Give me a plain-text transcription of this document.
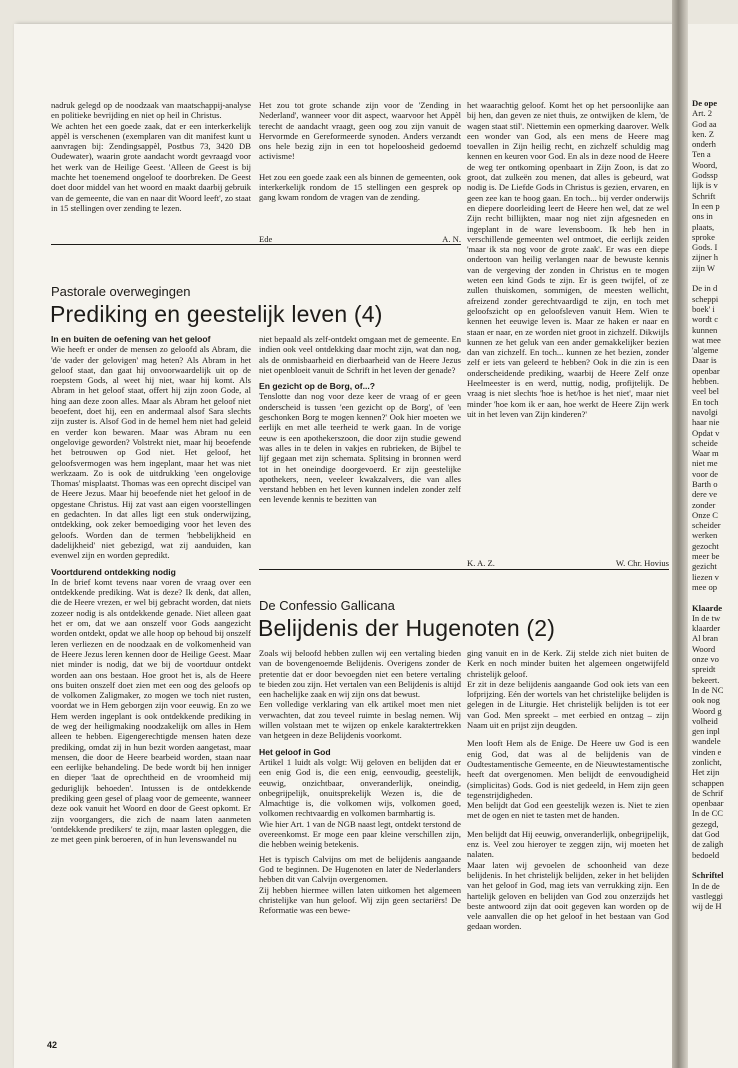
nadruk gelegd op de noodzaak van maatschappij-analyse en politieke bevrijding en niet op heil in Christus.

We achten het een goede zaak, dat er een interkerkelijk appèl is verschenen (exemplaren van dit manifest kunt u aanvragen bij: Zendingsappèl, Postbus 73, 3420 DB Oudewater), waarin grote aandacht wordt gevraagd voor het werk van de Heilige Geest. 'Alleen de Geest is bij machte het toenemend ongeloof te doorbreken. De Geest doet door middel van het woord en maakt daarbij gebruik van de gemeente, die van en naar dit Woord leeft', zo staat in 15 stellingen over zending te lezen.

Het zou tot grote schande zijn voor de 'Zending in Nederland', wanneer voor dit aspect, waarvoor het Appèl terecht de aandacht vraagt, geen oog zou zijn vanuit de Hervormde en Gereformeerde synoden. Anders verzandt ons hele bezig zijn in een tot hopeloosheid gedoemd activisme!

Het zou een goede zaak een als binnen de gemeenten, ook interkerkelijk rondom de 15 stellingen een gesprek op gang kwam rondom de vragen van de zending.

Ede	A. N.
Pastorale overwegingen
Prediking en geestelijk leven (4)

In en buiten de oefening van het geloof

Wie heeft er onder de mensen zo geloofd als Abram, die 'de vader der gelovigen' mag heten? Als Abram in het geloof staat, dan gaat hij onvoorwaardelijk uit op de roepstem Gods, al weet hij niet, waar hij komt. Als Abram in het geloof staat, offert hij zijn zoon Gode, al hing aan deze zoon alles. Maar als Abram het geloof niet beoefent, doet hij, een en andermaal alsof Sara slechts zijn zuster is. Alsof God in de hemel hem niet had geleid en verder kon bewaren. Maar was Abram nu een ongelovige geworden? Volstrekt niet, maar hij beoefende het betrouwen op God niet. Het geloof, het geloofsvermogen was hem ingeplant, maar het was niet werkzaam. Zo is ook de uitdrukking 'een ongelovige Thomas' misplaatst. Thomas was een oprecht discipel van de Heere Jezus. Maar hij beoefende niet het geloof in de opgestane Christus. Hij zat vast aan eigen voorstellingen en gedachten. In dat alles ligt een stuk onderwijzing, ontdekking, ook zeker bemoediging voor het leven des geloofs. Worden dan de termen 'hebbelijkheid en dadelijkheid' niet gebezigd, wat zij aanduiden, kan evenwel zijn en worden gepredikt.

Voortdurend ontdekking nodig

In de brief komt tevens naar voren de vraag over een ontdekkende prediking. Wat is deze? Ik denk, dat allen, die de Heere vrezen, er wel bij gebracht worden, dat niets zozeer nodig is als ontdekkende genade. Niet alleen gaat het er om, dat we aan onszelf voor Gods aangezicht worden ontdekt, opdat we alle hoop op behoud bij onszelf leren verliezen en de noodzaak en de volkomenheid van de Heere Jezus leren kennen door de Heilige Geest. Maar niet minder is nodig, dat we bij de voortduur ontdekt worden aan ons bestaan. Hoe groot het is, als de Heere ons buiten onszelf doet zien met een oog des geloofs op de volkomen Zaligmaker, zo mogen we toch niet rusten, voordat we in Hem geborgen zijn voor eeuwig. En zo we Hem werden ingeplant is ook ontdekkende prediking in de weg der heiligmaking noodzakelijk om alles in Hem alleen te hebben. Eigengerechtigde mensen haten deze prediking, omdat zij in hun bezit worden aangetast, maar mensen, die door de Heere bearbeid worden, staan naar een eerlijke behandeling. De bede wordt bij hen inniger en dieper 'laat de oprechtheid en de vroomheid mij geduriglijk behoeden'. Intussen is de ontdekkende prediking geen gesel of plaag voor de gemeente, wanneer deze ook vanuit het Woord en door de Geest opkomt. Er zijn voorgangers, die zich de naam laten aanmeten 'ontdekkende predikers' te zijn, maar lasten opleggen, die ze met geen pink beroeren, of in hun levenswandel nu

niet bepaald als zelf-ontdekt omgaan met de gemeente. En indien ook veel ontdekking daar mocht zijn, wat dan nog, als de onmisbaarheid en dierbaarheid van de Heere Jezus niet openbloeit vanuit de Schrift in het leven der genade?

En gezicht op de Borg, of...?

Tenslotte dan nog voor deze keer de vraag of er geen onderscheid is tussen 'een gezicht op de Borg', of 'een geschonken Borg te mogen kennen?' Ook hier moeten we eerlijk en met alle teerheid te werk gaan. In de vorige eeuw is een apothekerszoon, die door zijn studie gewend was alles in te delen in vakjes en rubrieken, de Bijbel te lijf gegaan met zijn schemata. Splitsing in bronnen werd tot in het oneindige doorgevoerd. Er zijn geestelijke apothekers, neen, veeleer kwakzalvers, die van alles verstand hebben en het leven kunnen indelen zonder zelf een levende kennis te bezitten van

het waarachtig geloof. Komt het op het persoonlijke aan bij hen, dan geven ze niet thuis, ze ontwijken de klem, 'de wagen staat stil'. Niettemin een opmerking daarover. Welk een wonder van God, als een mens de Heere mag toevallen in Zijn heilig recht, en zichzelf schuldig mag kennen en keuren voor God. En als in deze nood de Heere de weg ter ontkoming openbaart in Zijn Zoon, is dat zo groot, dat zulkeën zou menen, dat alles is gebeurd, wat nodig is. De Liefde Gods in Christus is gezien, ervaren, en geen zee kan te hoog gaan. En toch... bij verder onderwijs en diepere doorleiding leert de Heere hen wel, dat ze wel Zijn recht billijkten, maar nog niet zijn afgesneden en ingeplant in de ware levensboom. Ik heb hen in verschillende gemeenten wel ontmoet, die eerlijk zeiden 'maar ik sta nog voor de grote zaak'. Er was een diepe ondertoon van heilig verlangen naar de bewuste kennis van de vergeving der zonden in Christus en te mogen weten een kind Gods te zijn. Er is geen twijfel, of ze zullen thuiskomen, sommigen, de meesten wellicht, afreizend zonder gerechtvaardigd te zijn, en toch met geloofszicht op en geloofsleven vanuit Hem. Wien te kennen het eeuwige leven is. Maar ze haken er naar en staan er naar, en ze worden niet groot in zichzelf. Dikwijls kunnen ze het geluk van een ander gemakkelijker bezien dan van zichzelf. En toch... kunnen ze het bezien, zonder zelf er iets van geleerd te hebben? Ook in die zin is een onderscheidende prediking, waarbij de Heere Zelf onze Heelmeester is en werd, nuttig, nodig, profijtelijk. De vraag is niet slechts 'hoe is het/hoe is het niet', maar niet minder 'hoe kom ik er aan, hoe werkt de Heere Zijn werk uit in het leven van Zijn kinderen?'

K. A. Z.	W. Chr. Hovius
De Confessio Gallicana
Belijdenis der Hugenoten (2)

Zoals wij beloofd hebben zullen wij een vertaling bieden van de bovengenoemde Belijdenis. Overigens zonder de pretentie dat er door bevoegden niet een betere vertaling te bieden zou zijn. Het vertalen van een Belijdenis is altijd een hachelijke zaak en wij zijn ons dat bewust.

Een volledige verklaring van elk artikel moet men niet verwachten, dat zou teveel ruimte in beslag nemen. Wij willen volstaan met te wijzen op enkele karaktertrekken van hetgeen in deze Belijdenis voorkomt.

Het geloof in God

Artikel 1 luidt als volgt: Wij geloven en belijden dat er een enig God is, die een enig, eenvoudig, geestelijk, eeuwig, onzichtbaar, onveranderlijk, oneindig, onbegrijpelijk, onuitsprekelijk Wezen is, die de Almachtige is, die volkomen wijs, volkomen goed, volkomen rechtvaardig en volkomen barmhartig is.

Wie hier Art. 1 van de NGB naast legt, ontdekt terstond de overeenkomst. Er moge een paar kleine verschillen zijn, die hebben weinig betekenis.

Het is typisch Calvijns om met de belijdenis aangaande God te beginnen. De Hugenoten en later de Nederlanders hebben dit van Calvijn overgenomen.

Zij hebben hiermee willen laten uitkomen het algemeen christelijke van hun geloof. Wij zijn geen sectariërs! De Reformatie was een bewe-

ging vanuit en in de Kerk. Zij stelde zich niet buiten de Kerk en noch minder buiten het algemeen ongetwijfeld christelijk geloof.

Er zit in deze belijdenis aangaande God ook iets van een lofprijzing. Eén der wortels van het christelijke belijden is gelegen in de Liturgie. Het christelijk belijden is tot eer van God. Men spreekt – met eerbied en ontzag – zijn Naam uit en prijst zijn deugden.

Men looft Hem als de Enige. De Heere uw God is een enig God, dat was al de belijdenis van de Oudtestamentische Gemeente, en de Nieuwtestamentische heeft dat overgenomen. Men belijdt de eenvoudigheid (simplicitas) Gods. God is niet gedeeld, in Hem zijn geen tegenstrijdigheden.

Men belijdt dat God een geestelijk wezen is. Niet te zien met de ogen en niet te tasten met de handen.

Men belijdt dat Hij eeuwig, onveranderlijk, onbegrijpelijk, enz is. Veel zou hieroyer te zeggen zijn, wij moeten het nalaten.

Maar laten wij gevoelen de schoonheid van deze belijdenis. In het christelijk belijden, zeker in het belijden van het geloof in God, mag iets van verrukking zijn. Een hartelijk geloven en belijden van God zou onzerzijds het beste antwoord zijn dat ooit gegeven kan worden op de vele aanvallen die op het geloof in het bestaan van God gedaan worden.

42
De ope
Art. 2
God aa
ken. Z
onderh
Ten a
Woord,
Godssp
lijk is v
Schrift
In een p
ons in
plaats,
sproke
Gods. I
zijner h
zijn W

De in d
scheppi
boek' i
wordt c
kunnen
wat mee
'algeme
Daar is
openbar
hebben.
veel bel
En toch
navolgi
haar nie
Opdat v
scheide
Waar m
niet me
voor de
Barth o
dere ve
zonder
Onze C
scheider
werken
gezocht
meer be
gezicht
liezen v
mee op

Klaarde
In de tw
klaarder
Al bran
Woord
onze vo
spreidt
bekeert.
In de NC
ook nog
Woord g
volheid
gen inpl
wandele
vinden e
zonlicht,
Het zijn
schappen
de Schrif
openbaar
In de CC
gezegd,
dat God
de zaligh
bedoeld

Schriftel
In de de
vastleggi
wij de H
